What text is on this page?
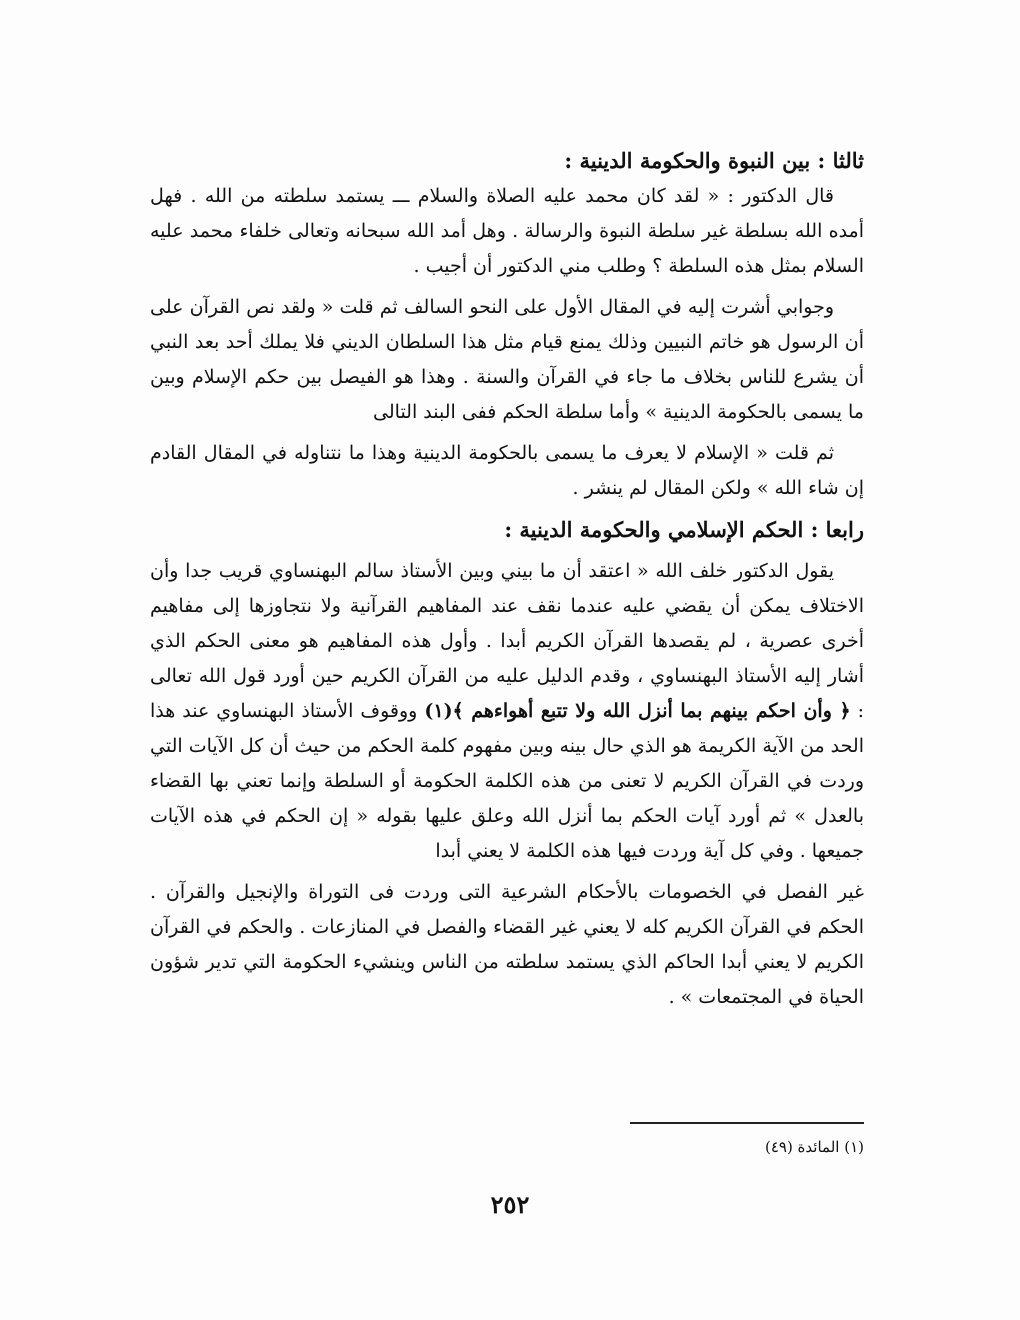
ثالثا : بين النبوة والحكومة الدينية :

قال الدكتور : « لقد كان محمد عليه الصلاة والسلام ـــ يستمد سلطته من الله . فهل أمده الله بسلطة غير سلطة النبوة والرسالة . وهل أمد الله سبحانه وتعالى خلفاء محمد عليه السلام بمثل هذه السلطة ؟ وطلب مني الدكتور أن أجيب .

وجوابي أشرت إليه في المقال الأول على النحو السالف ثم قلت « ولقد نص القرآن على أن الرسول هو خاتم النبيين وذلك يمنع قيام مثل هذا السلطان الديني فلا يملك أحد بعد النبي أن يشرع للناس بخلاف ما جاء في القرآن والسنة . وهذا هو الفيصل بين حكم الإسلام وبين ما يسمى بالحكومة الدينية » وأما سلطة الحكم ففى البند التالى

ثم قلت « الإسلام لا يعرف ما يسمى بالحكومة الدينية وهذا ما نتناوله في المقال القادم إن شاء الله » ولكن المقال لم ينشر .

رابعا : الحكم الإسلامي والحكومة الدينية :

يقول الدكتور خلف الله « اعتقد أن ما بيني وبين الأستاذ سالم البهنساوي قريب جدا وأن الاختلاف يمكن أن يقضي عليه عندما نقف عند المفاهيم القرآنية ولا نتجاوزها إلى مفاهيم أخرى عصرية ، لم يقصدها القرآن الكريم أبدا . وأول هذه المفاهيم هو معنى الحكم الذي أشار إليه الأستاذ البهنساوي ، وقدم الدليل عليه من القرآن الكريم حين أورد قول الله تعالى : ﴿ وأن احكم بينهم بما أنزل الله ولا تتبع أهواءهم ﴾(١) ووقوف الأستاذ البهنساوي عند هذا الحد من الآية الكريمة هو الذي حال بينه وبين مفهوم كلمة الحكم من حيث أن كل الآيات التي وردت في القرآن الكريم لا تعنى من هذه الكلمة الحكومة أو السلطة وإنما تعني بها القضاء بالعدل » ثم أورد آيات الحكم بما أنزل الله وعلق عليها بقوله « إن الحكم في هذه الآيات جميعها . وفي كل آية وردت فيها هذه الكلمة لا يعني أبدا

غير الفصل في الخصومات بالأحكام الشرعية التى وردت فى التوراة والإنجيل والقرآن . الحكم في القرآن الكريم كله لا يعني غير القضاء والفصل في المنازعات . والحكم في القرآن الكريم لا يعني أبدا الحاكم الذي يستمد سلطته من الناس وينشيء الحكومة التي تدير شؤون الحياة في المجتمعات » .

(١) المائدة (٤٩)
٢٥٢
